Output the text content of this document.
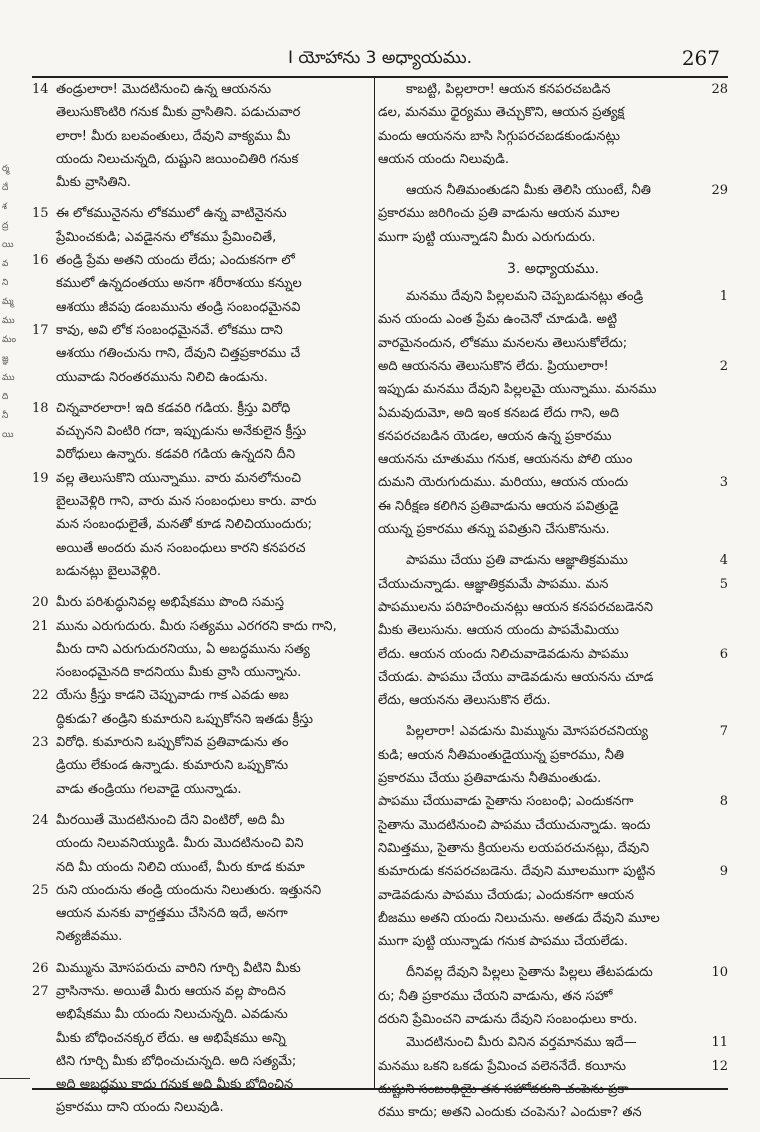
I యోహాను 3 అధ్యాయము.	267
ర్మ
దే
శ
ద్ర
యి
వ
ని
మ్మ
ము
మం
జ్ఞ
ము
ది
నీ
యి
14 తండ్రులారా! మొదటినుంచి ఉన్న ఆయనను
తెలుసుకొంటిరి గనుక మీకు వ్రాసితిని. పడుచువార
లారా! మీరు బలవంతులు, దేవుని వాక్యము మీ
యందు నిలుచున్నది, దుష్టుని జయించితిరి గనుక
మీకు వ్రాసితిని.
15 ఈ లోకమునైనను లోకములో ఉన్న వాటినైనను
ప్రేమించకుడి; ఎవడైనను లోకము ప్రేమించితే,
16 తండ్రి ప్రేమ అతని యందు లేదు; ఎందుకనగా లో
కములో ఉన్నదంతయు అనగా శరీరాశయు కన్నుల
ఆశయు జీవపు డంబమును తండ్రి సంబంధమైనవి
17 కావు, అవి లోక సంబంధమైనవే. లోకము దాని
ఆశయు గతించును గాని, దేవుని చిత్తప్రకారము చే
యువాడు నిరంతరమును నిలిచి ఉండును.
18 చిన్నవారలారా! ఇది కడవరి గడియ. క్రీస్తు విరోధి
వచ్చునని వింటిరి గదా, ఇప్పుడును అనేకులైన క్రీస్తు
విరోధులు ఉన్నారు. కడవరి గడియ ఉన్నదని దీని
19 వల్ల తెలుసుకొని యున్నాము. వారు మనలోనుంచి
బైలువెళ్లిరి గాని, వారు మన సంబంధులు కారు. వారు
మన సంబంధులైతే, మనతో కూడ నిలిచియుందురు;
అయితే అందరు మన సంబంధులు కారని కనపరచ
బడునట్లు బైలువెళ్లిరి.
20 మీరు పరిశుద్ధునివల్ల అభిషేకము పొంది సమస్త
21 మును ఎరుగుదురు. మీరు సత్యము ఎరగరని కాదు గాని,
మీరు దాని ఎరుగుదురనియు, ఏ అబద్ధమును సత్య
సంబంధమైనది కాదనియు మీకు వ్రాసి యున్నాను.
22 యేసు క్రీస్తు కాడని చెప్పువాడు గాక ఎవడు అబ
ద్ధికుడు? తండ్రిని కుమారుని ఒప్పుకోనని ఇతడు క్రీస్తు
23 విరోధి. కుమారుని ఒప్పుకోనివ ప్రతివాడును తం
డ్రియు లేకుండ ఉన్నాడు. కుమారుని ఒప్పుకొను
వాడు తండ్రియు గలవాడై యున్నాడు.
24 మీరయితే మొదటినుంచి దేని వింటిరో, అది మీ
యందు నిలువనియ్యుడి. మీరు మొదటినుంచి విని
నది మీ యందు నిలిచి యుంటే, మీరు కూడ కుమా
25 రుని యందును తండ్రి యందును నిలుతురు. ఇత్తునని
ఆయన మనకు వాగ్దత్తము చేసినది ఇదే, అనగా
నిత్యజీవము.
26 మిమ్మును మోసపరుచు వారిని గూర్చి వీటిని మీకు
27 వ్రాసినాను. అయితే మీరు ఆయన వల్ల పొందిన
అభిషేకము మీ యందు నిలుచున్నది. ఎవడును
మీకు బోధించనక్కర లేదు. ఆ అభిషేకము అన్ని
టిని గూర్చి మీకు బోధించుచున్నది. అది సత్యమే;
అది అబద్ధము కాదు గనుక అది మీకు బోధించిన
ప్రకారము దాని యందు నిలువుడి.
28
కాబట్టి, పిల్లలారా! ఆయన కనపరచబడిన
డల, మనము ధైర్యము తెచ్చుకొని, ఆయన ప్రత్యక్ష
మందు ఆయనను బాసి సిగ్గుపరచబడకుండునట్లు
ఆయన యందు నిలువుడి.
29
ఆయన నీతిమంతుడని మీకు తెలిసి యుంటే, నీతి
ప్రకారము జరిగించు ప్రతి వాడును ఆయన మూల
ముగా పుట్టి యున్నాడని మీరు ఎరుగుదురు.
3. అధ్యాయము.
1
మనము దేవుని పిల్లలమని చెప్పబడునట్లు తండ్రి
మన యందు ఎంత ప్రేమ ఉంచెనో చూడుడి. అట్టి
వారమైనందున, లోకము మనలను తెలుసుకోలేదు;
2
అది ఆయనను తెలుసుకొన లేదు. ప్రియులారా!
ఇప్పుడు మనము దేవుని పిల్లలమై యున్నాము. మనము
ఏమవుదుమో, అది ఇంక కనబడ లేదు గాని, అది
కనపరచబడిన యెడల, ఆయన ఉన్న ప్రకారము
ఆయనను చూతుము గనుక, ఆయనను పోలి యుం
3
దుమని యెరుగుదుము. మరియు, ఆయన యందు
ఈ నిరీక్షణ కలిగిన ప్రతివాడును ఆయన పవిత్రుడై
యున్న ప్రకారము తన్ను పవిత్రుని చేసుకొనును.
4
పాపము చేయు ప్రతి వాడును ఆజ్ఞాతిక్రమము
5
చేయుచున్నాడు. ఆజ్ఞాతిక్రమమే పాపము. మన
పాపములను పరిహరించునట్లు ఆయన కనపరచబడెనని
మీకు తెలుసును. ఆయన యందు పాపమేమియు
6
లేదు. ఆయన యందు నిలిచువాడెవడును పాపము
చేయడు. పాపము చేయు వాడెవడును ఆయనను చూడ
లేదు, ఆయనను తెలుసుకొన లేదు.
7
పిల్లలారా! ఎవడును మిమ్మును మోసపరచనియ్య
కుడి; ఆయన నీతిమంతుడైయున్న ప్రకారము, నీతి
ప్రకారము చేయు ప్రతివాడును నీతిమంతుడు.
8
పాపము చేయువాడు సైతాను సంబంధి; ఎందుకనగా
సైతాను మొదటినుంచి పాపము చేయుచున్నాడు. ఇందు
నిమిత్తము, సైతాను క్రియలను లయపరచునట్లు, దేవుని
9
కుమారుడు కనపరచబడెను. దేవుని మూలముగా పుట్టిన
వాడెవడును పాపము చేయడు; ఎందుకనగా ఆయన
బీజము అతని యందు నిలుచును. అతడు దేవుని మూల
ముగా పుట్టి యున్నాడు గనుక పాపము చేయలేడు.
10
దీనివల్ల దేవుని పిల్లలు సైతాను పిల్లలు తేటపడుదు
రు; నీతి ప్రకారము చేయని వాడును, తన సహో
దరుని ప్రేమించని వాడును దేవుని సంబంధులు కారు.
11
మొదటినుంచి మీరు వినిన వర్తమానము ఇదే—
12
మనము ఒకని ఒకడు ప్రేమించ వలెననేదే. కయీను
దుష్టుని సంబంధియై తన సహోదరుని చంపెను ప్రకా
రము కాదు; అతని ఎందుకు చంపెను? ఎందుకా? తన
